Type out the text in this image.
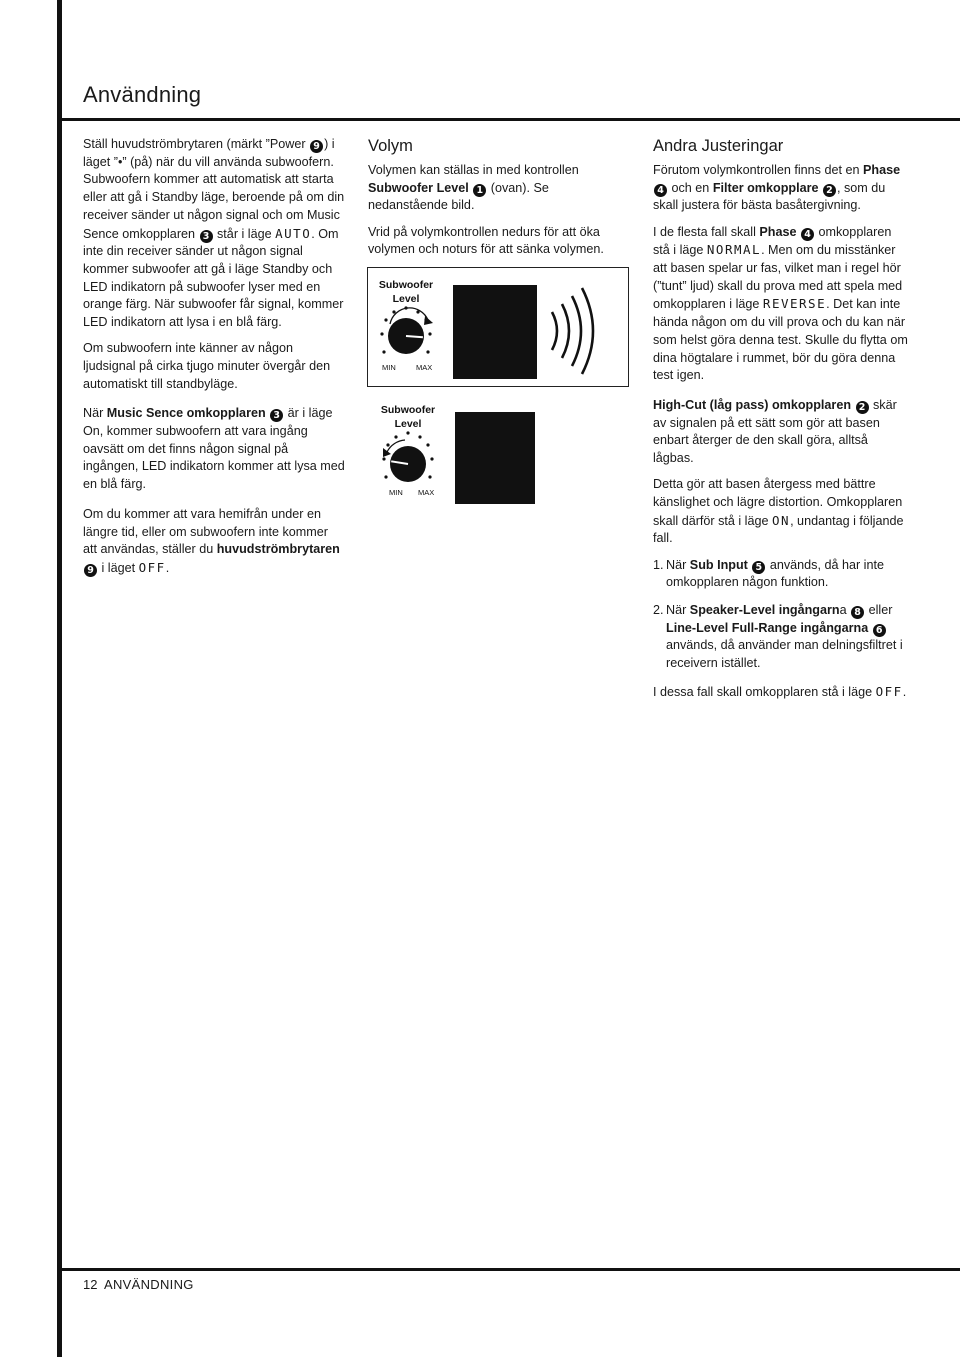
Användning

Ställ huvudströmbrytaren (märkt ”Power 9 ) i läget ”•” (på) när du vill använda subwoofern. Subwoofern kommer att automatisk att starta eller att gå i Standby läge, beroende på om din receiver sänder ut någon signal och om Music Sence omkopplaren 3 står i läge AUTO. Om inte din receiver sänder ut någon signal kommer subwoofer att gå i läge Standby och LED indikatorn på subwoofer lyser med en orange färg. När subwoofer får signal, kommer LED indikatorn att lysa i en blå färg.

Om subwoofern inte känner av någon ljudsignal på cirka tjugo minuter övergår den automatiskt till standbyläge.

När Music Sence omkopplaren 3 är i läge On, kommer subwoofern att vara ingång oavsätt om det finns någon signal på ingången, LED indikatorn kommer att lysa med en blå färg.

Om du kommer att vara hemifrån under en längre tid, eller om subwoofern inte kommer att användas, ställer du huvudströmbrytaren 9 i läget OFF.

Volym

Volymen kan ställas in med kontrollen Subwoofer Level 1 (ovan). Se nedanstående bild.

Vrid på volymkontrollen nedurs för att öka volymen och noturs för att sänka volymen.

Subwoofer
Level
MIN	MAX
Subwoofer
Level
MIN MAX
Andra Justeringar

Förutom volymkontrollen finns det en Phase 4 och en Filter omkopplare 2 , som du skall justera för bästa basåtergivning.

I de flesta fall skall Phase 4 omkopplaren stå i läge NORMAL. Men om du misstänker att basen spelar ur fas, vilket man i regel hör (”tunt” ljud) skall du prova med att spela med omkopplaren i läge REVERSE. Det kan inte hända någon om du vill prova och du kan när som helst göra denna test. Skulle du flytta om dina högtalare i rummet, bör du göra denna test igen.

High-Cut (låg pass) omkopplaren 2 skär av signalen på ett sätt som gör att basen enbart återger de den skall göra, alltså lågbas.

Detta gör att basen återgess med bättre känslighet och lägre distortion. Omkopplaren skall därför stå i läge ON, undantag i följande fall.

1. När Sub Input 5 används, då har inte omkopplaren någon funktion.
2. När Speaker-Level ingångarna 8 eller Line-Level Full-Range ingångarna 6 används, då använder man delningsfiltret i receivern istället.

I dessa fall skall omkopplaren stå i läge OFF.

12 ANVÄNDNING
